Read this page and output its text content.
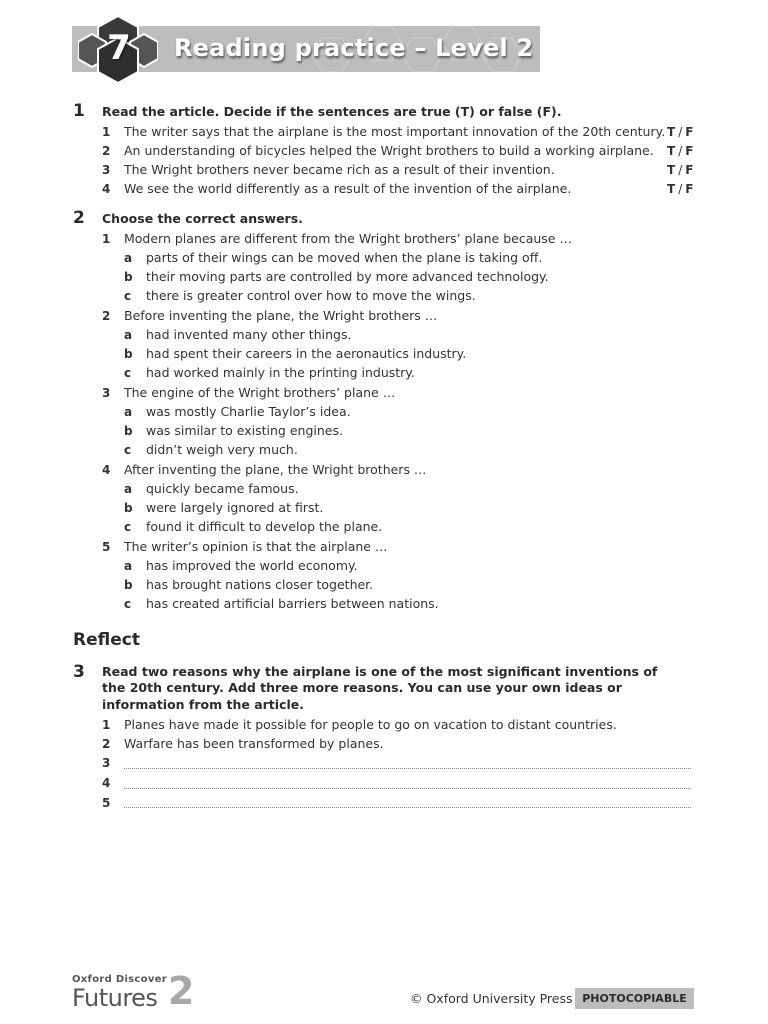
7 Reading practice – Level 2
1 Read the article. Decide if the sentences are true (T) or false (F).
1 The writer says that the airplane is the most important innovation of the 20th century. T / F
2 An understanding of bicycles helped the Wright brothers to build a working airplane. T / F
3 The Wright brothers never became rich as a result of their invention.	T / F
4 We see the world differently as a result of the invention of the airplane.	T / F
2 Choose the correct answers.
1 Modern planes are different from the Wright brothers’ plane because …
a parts of their wings can be moved when the plane is taking off.
b their moving parts are controlled by more advanced technology.
c there is greater control over how to move the wings.
2 Before inventing the plane, the Wright brothers …
a had invented many other things.
b had spent their careers in the aeronautics industry.
c had worked mainly in the printing industry.
3 The engine of the Wright brothers’ plane …
a was mostly Charlie Taylor’s idea.
b was similar to existing engines.
c didn’t weigh very much.
4 After inventing the plane, the Wright brothers …
a quickly became famous.
b were largely ignored at first.
c found it difficult to develop the plane.
5 The writer’s opinion is that the airplane …
a has improved the world economy.
b has brought nations closer together.
c has created artificial barriers between nations.
Reflect
3 Read two reasons why the airplane is one of the most significant inventions of the 20th century. Add three more reasons. You can use your own ideas or information from the article.
1 Planes have made it possible for people to go on vacation to distant countries.
2 Warfare has been transformed by planes.
3
4
5
Oxford Discover
Futures 2	© Oxford University Press PHOTOCOPIABLE
